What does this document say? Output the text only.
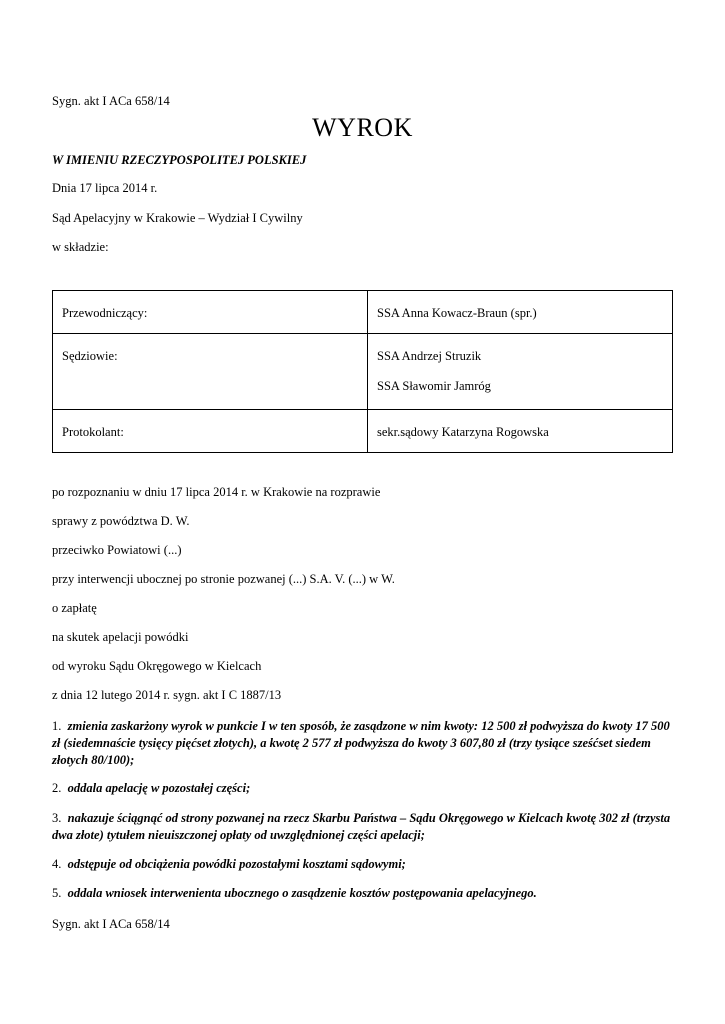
Sygn. akt I ACa 658/14
WYROK
W IMIENIU RZECZYPOSPOLITEJ POLSKIEJ
Dnia 17 lipca 2014 r.
Sąd Apelacyjny w Krakowie – Wydział I Cywilny
w składzie:
Przewodniczący:	SSA Anna Kowacz-Braun (spr.)
Sędziowie:	SSA Andrzej Struzik
SSA Sławomir Jamróg

Protokolant:	sekr.sądowy Katarzyna Rogowska
po rozpoznaniu w dniu 17 lipca 2014 r. w Krakowie na rozprawie
sprawy z powództwa D. W.
przeciwko Powiatowi (...)
przy interwencji ubocznej po stronie pozwanej (...) S.A. V. (...) w W.
o zapłatę
na skutek apelacji powódki
od wyroku Sądu Okręgowego w Kielcach
z dnia 12 lutego 2014 r. sygn. akt I C 1887/13
1. zmienia zaskarżony wyrok w punkcie I w ten sposób, że zasądzone w nim kwoty: 12 500 zł podwyższa do kwoty 17 500 zł (siedemnaście tysięcy pięćset złotych), a kwotę 2 577 zł podwyższa do kwoty 3 607,80 zł (trzy tysiące sześćset siedem złotych 80/100);
2. oddala apelację w pozostałej części;
3. nakazuje ściągnąć od strony pozwanej na rzecz Skarbu Państwa – Sądu Okręgowego w Kielcach kwotę 302 zł (trzysta dwa złote) tytułem nieuiszczonej opłaty od uwzględnionej części apelacji;
4. odstępuje od obciążenia powódki pozostałymi kosztami sądowymi;
5. oddala wniosek interwenienta ubocznego o zasądzenie kosztów postępowania apelacyjnego.
Sygn. akt I ACa 658/14
